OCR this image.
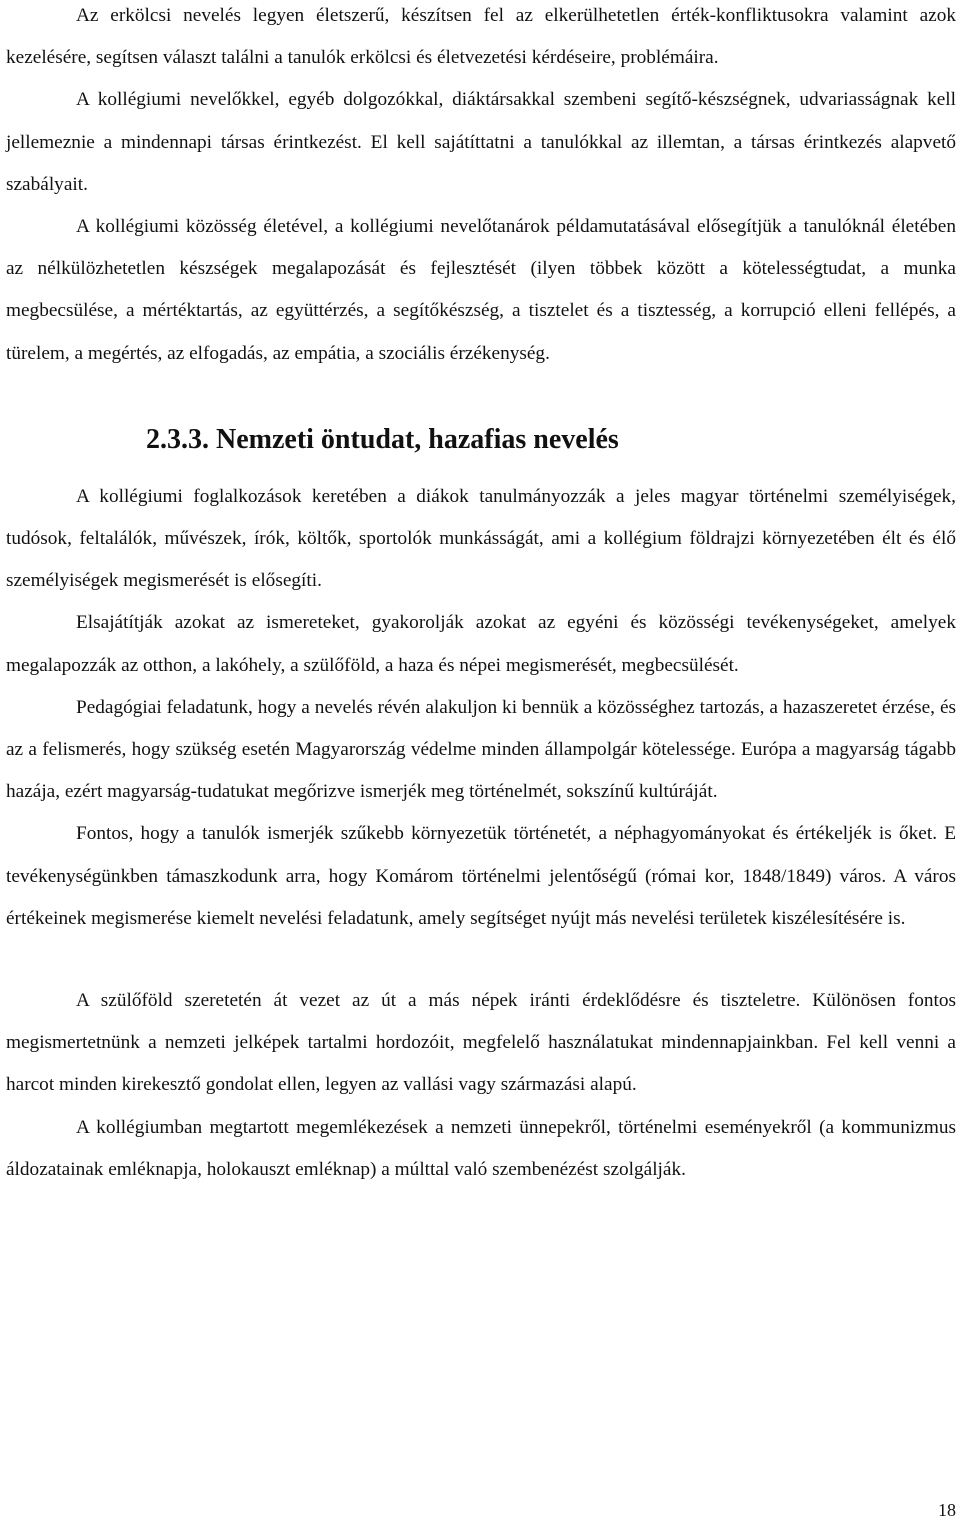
Az erkölcsi nevelés legyen életszerű, készítsen fel az elkerülhetetlen érték-konfliktusokra valamint azok kezelésére, segítsen választ találni a tanulók erkölcsi és életvezetési kérdéseire, problémáira.

A kollégiumi nevelőkkel, egyéb dolgozókkal, diáktársakkal szembeni segítő-készségnek, udvariasságnak kell jellemeznie a mindennapi társas érintkezést. El kell sajátíttatni a tanulókkal az illemtan, a társas érintkezés alapvető szabályait.

A kollégiumi közösség életével, a kollégiumi nevelőtanárok példamutatásával elősegítjük a tanulóknál életében az nélkülözhetetlen készségek megalapozását és fejlesztését (ilyen többek között a kötelességtudat, a munka megbecsülése, a mértéktartás, az együttérzés, a segítőkészség, a tisztelet és a tisztesség, a korrupció elleni fellépés, a türelem, a megértés, az elfogadás, az empátia, a szociális érzékenység.

2.3.3. Nemzeti öntudat, hazafias nevelés

A kollégiumi foglalkozások keretében a diákok tanulmányozzák a jeles magyar történelmi személyiségek, tudósok, feltalálók, művészek, írók, költők, sportolók munkásságát, ami a kollégium földrajzi környezetében élt és élő személyiségek megismerését is elősegíti.

Elsajátítják azokat az ismereteket, gyakorolják azokat az egyéni és közösségi tevékenységeket, amelyek megalapozzák az otthon, a lakóhely, a szülőföld, a haza és népei megismerését, megbecsülését.

Pedagógiai feladatunk, hogy a nevelés révén alakuljon ki bennük a közösséghez tartozás, a hazaszeretet érzése, és az a felismerés, hogy szükség esetén Magyarország védelme minden állampolgár kötelessége. Európa a magyarság tágabb hazája, ezért magyarság-tudatukat megőrizve ismerjék meg történelmét, sokszínű kultúráját.

Fontos, hogy a tanulók ismerjék szűkebb környezetük történetét, a néphagyományokat és értékeljék is őket. E tevékenységünkben támaszkodunk arra, hogy Komárom történelmi jelentőségű (római kor, 1848/1849) város. A város értékeinek megismerése kiemelt nevelési feladatunk, amely segítséget nyújt más nevelési területek kiszélesítésére is.

A szülőföld szeretetén át vezet az út a más népek iránti érdeklődésre és tiszteletre. Különösen fontos megismertetnünk a nemzeti jelképek tartalmi hordozóit, megfelelő használatukat mindennapjainkban. Fel kell venni a harcot minden kirekesztő gondolat ellen, legyen az vallási vagy származási alapú.

A kollégiumban megtartott megemlékezések a nemzeti ünnepekről, történelmi eseményekről (a kommunizmus áldozatainak emléknapja, holokauszt emléknap) a múlttal való szembenézést szolgálják.

18
